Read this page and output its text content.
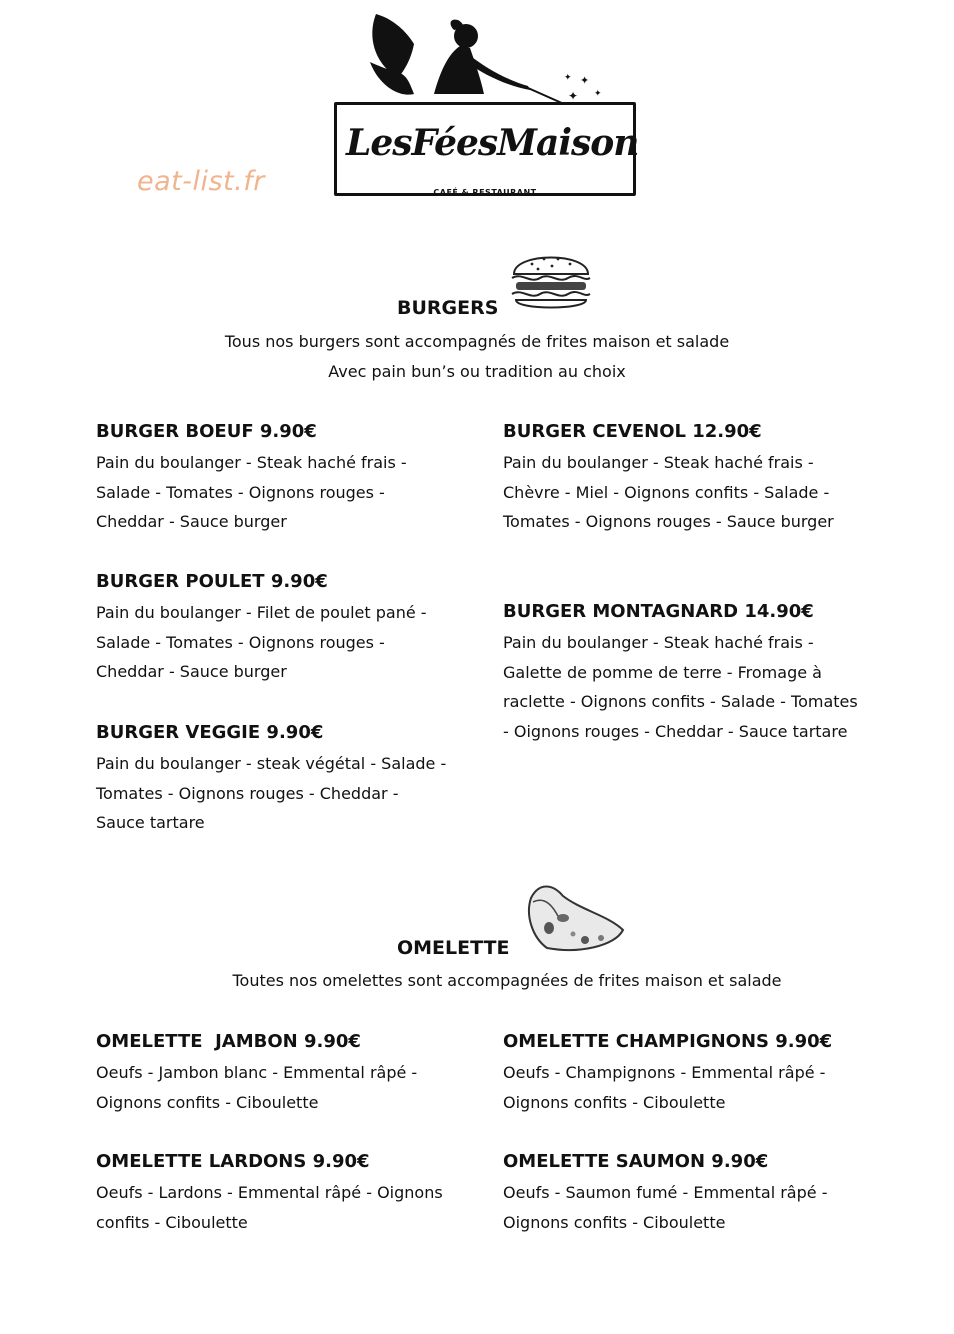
eat-list.fr
✦
✦
✦
✦
LesFéesMaison
CAFÉ & RESTAURANT
BURGERS
Tous nos burgers sont accompagnés de frites maison et salade
Avec pain bun’s ou tradition au choix
BURGER BOEUF 9.90€
Pain du boulanger - Steak haché frais - Salade - Tomates - Oignons rouges - Cheddar - Sauce burger
BURGER POULET 9.90€
Pain du boulanger - Filet de poulet pané - Salade - Tomates - Oignons rouges - Cheddar - Sauce burger
BURGER VEGGIE 9.90€
Pain du boulanger - steak végétal - Salade - Tomates - Oignons rouges - Cheddar - Sauce tartare
BURGER CEVENOL 12.90€
Pain du boulanger - Steak haché frais - Chèvre - Miel - Oignons confits - Salade - Tomates - Oignons rouges - Sauce burger
BURGER MONTAGNARD 14.90€
Pain du boulanger - Steak haché frais - Galette de pomme de terre - Fromage à raclette - Oignons confits - Salade - Tomates - Oignons rouges - Cheddar - Sauce tartare
OMELETTE
Toutes nos omelettes sont accompagnées de frites maison et salade
OMELETTE  JAMBON 9.90€
Oeufs - Jambon blanc - Emmental râpé - Oignons confits - Ciboulette
OMELETTE LARDONS 9.90€
Oeufs - Lardons - Emmental râpé - Oignons confits - Ciboulette
OMELETTE CHAMPIGNONS 9.90€
Oeufs - Champignons - Emmental râpé - Oignons confits - Ciboulette
OMELETTE SAUMON 9.90€
Oeufs - Saumon fumé - Emmental râpé - Oignons confits - Ciboulette
